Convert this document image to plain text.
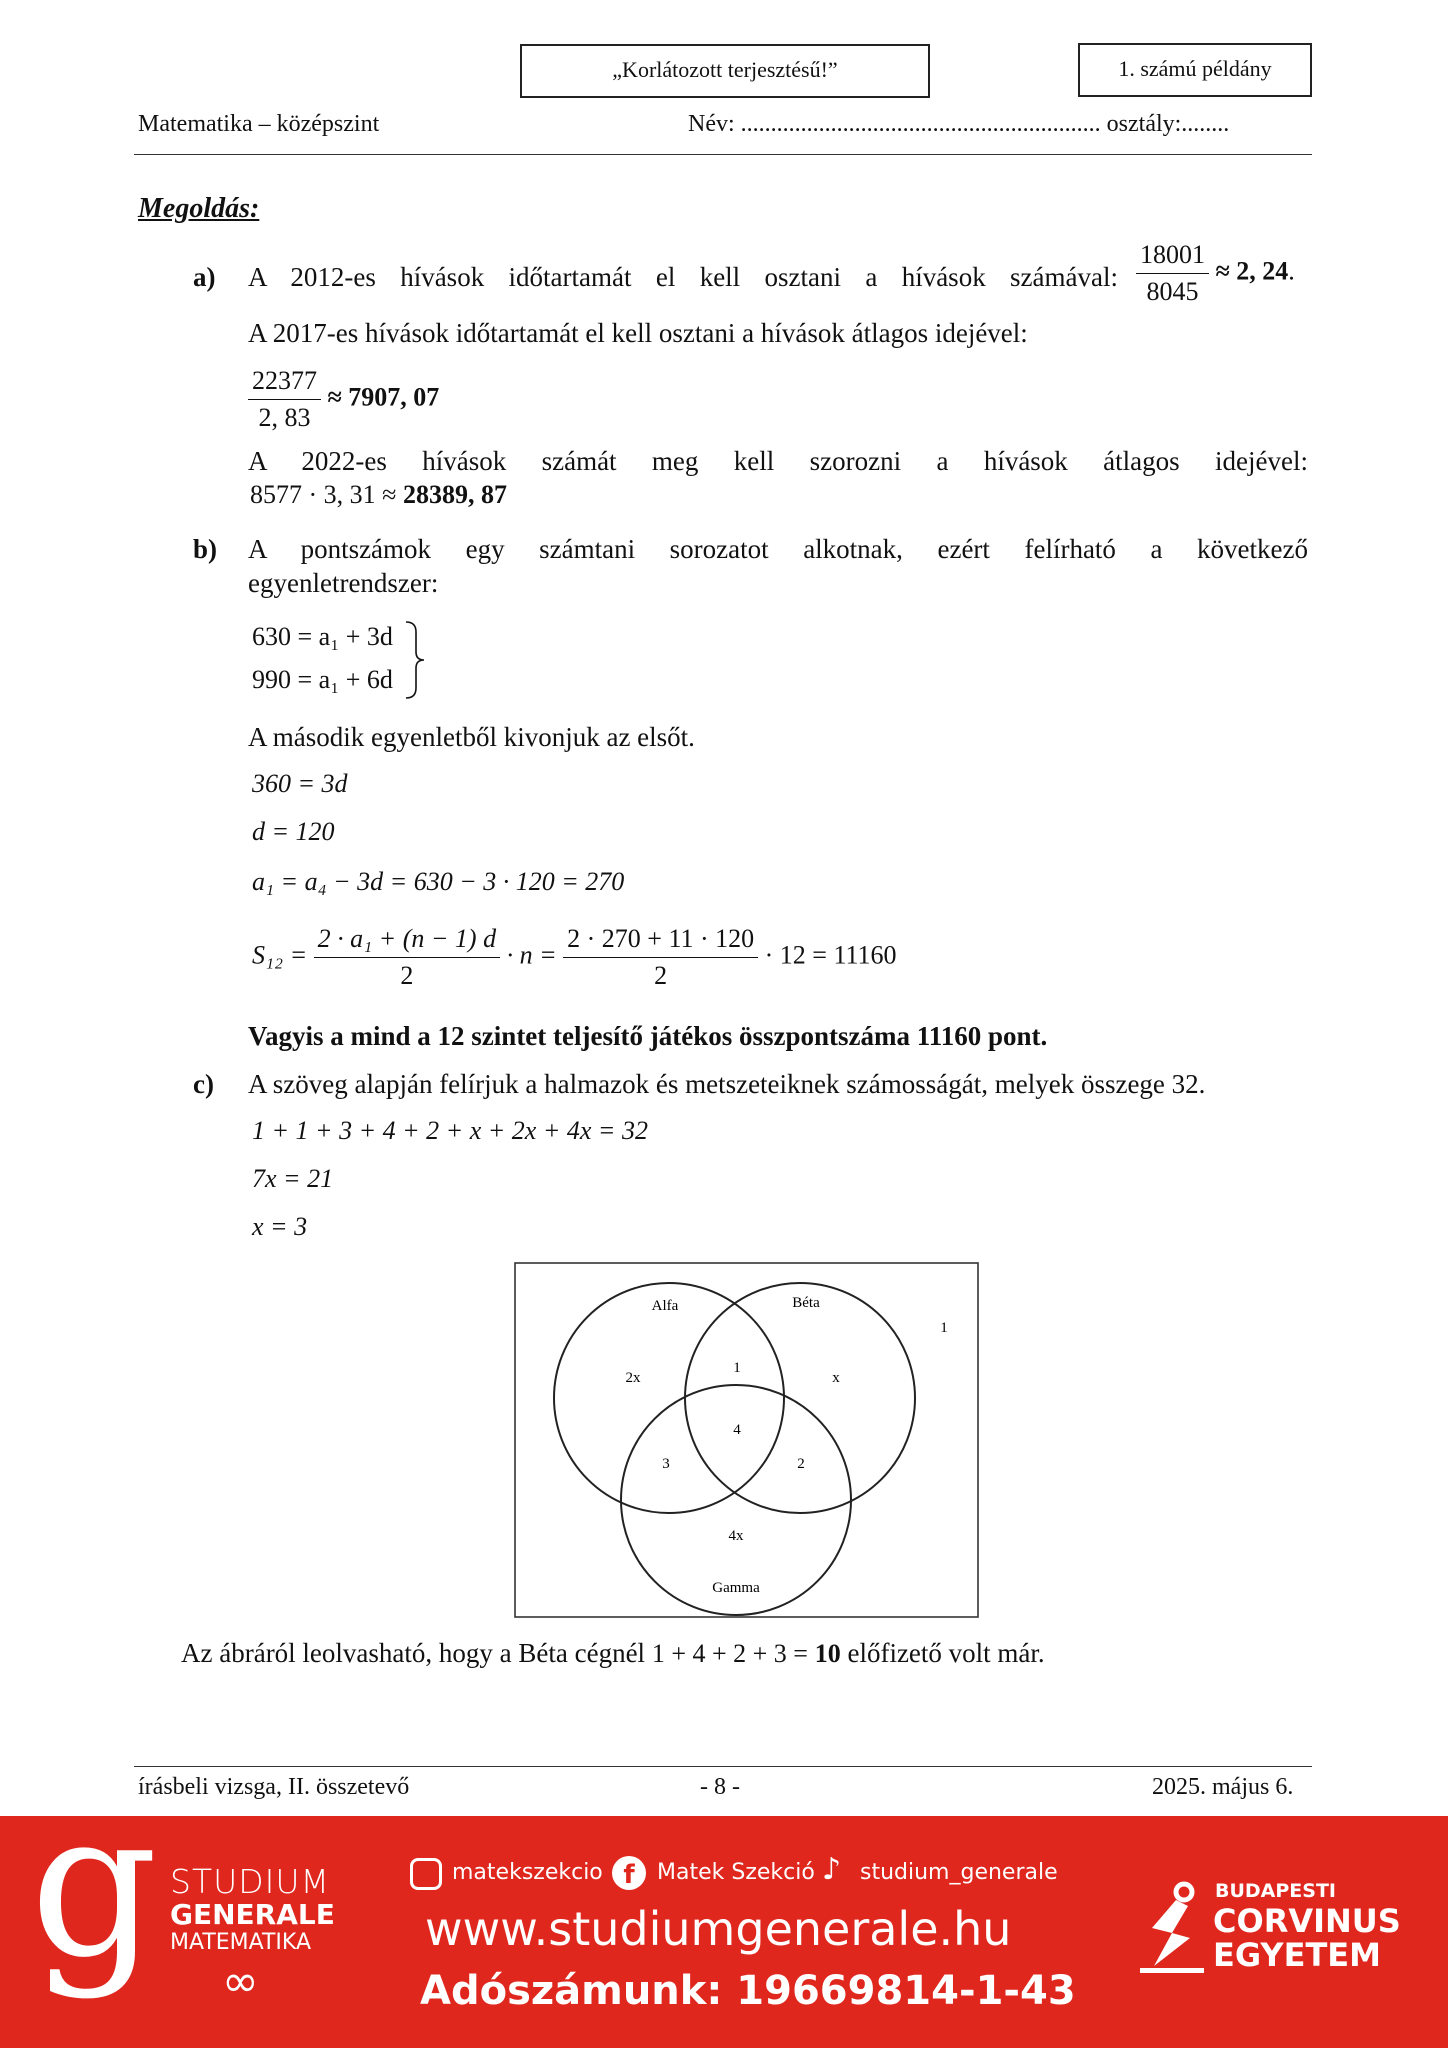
„Korlátozott terjesztésű!”	1. számú példány
Matematika – középszint	Név: ............................................................ osztály:........
Megoldás:
a) A 2012-es hívások időtartamát el kell osztani a hívások számával: $\frac{18001}{8045} \approx 2$, 24.
A 2017-es hívások időtartamát el kell osztani a hívások átlagos idejével:
$\frac{22377}{2, 83} \approx 7907$, 07
A 2022-es hívások számát meg kell szorozni a hívások átlagos idejével:
8577 · 3, 31 ≈ 28389, 87
b) A pontszámok egy számtani sorozatot alkotnak, ezért felírható a következő
egyenletrendszer:
630 = a₁ + 3d
990 = a₁ + 6d
A második egyenletből kivonjuk az elsőt.
360 = 3d
d = 120
a₁ = a₄ − 3d = 630 − 3 · 120 = 270
$S_{12} = \frac{\text{2 · a₁ + (n − 1) d}}{2} \cdot n = \frac{2 \cdot 270 + 11 \cdot 120}{2} \cdot 12 = 11160$
Vagyis a mind a 12 szintet teljesítő játékos összpontszáma 11160 pont.
c) A szöveg alapján felírjuk a halmazok és metszeteiknek számosságát, melyek összege 32.
1 + 1 + 3 + 4 + 2 + x + 2x + 4x = 32
7x = 21
x = 3
Alfa	Béta
Gamma
1
2x
1
x
4
3	2
4x
Az ábráról leolvasható, hogy a Béta cégnél 1 + 4 + 2 + 3 = 10 előfizető volt már.
írásbeli vizsga, II. összetevő	- 8 -	2025. május 6.
g STUDIUM
GENERALE
MATEMATIKA
∞
matekszekcio f	Matek Szekció ♪ studium_generale
www.studiumgenerale.hu
Adószámunk: 19669814-1-43
BUDAPESTI
CORVINUS
EGYETEM
